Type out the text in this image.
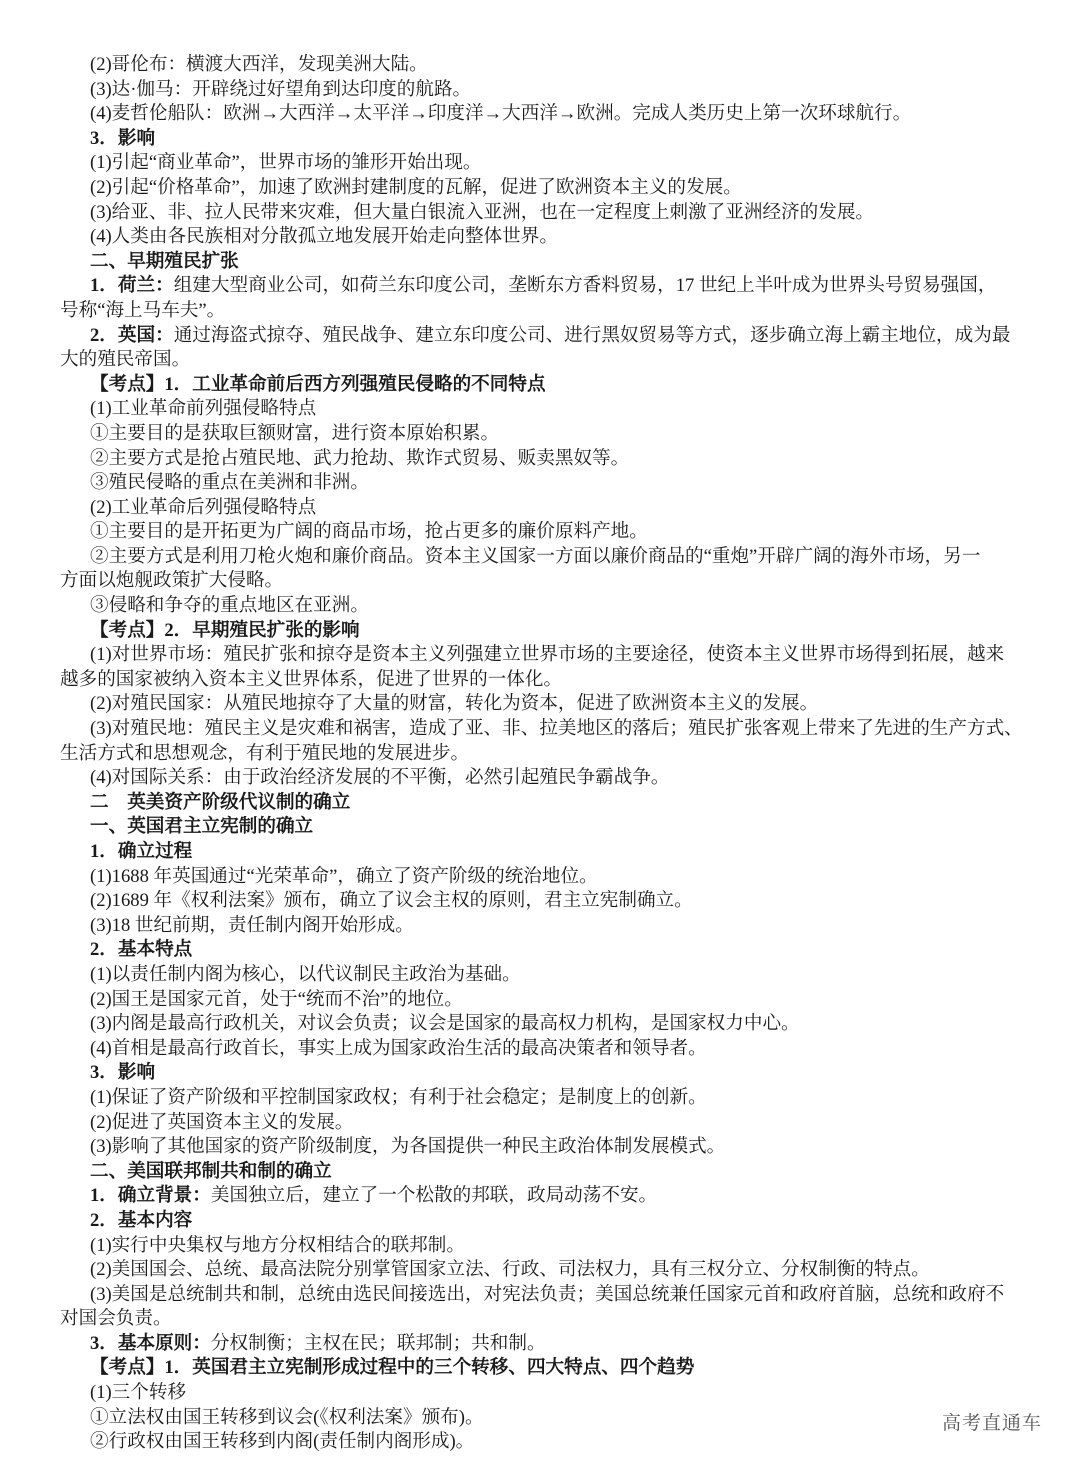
(2)哥伦布：横渡大西洋，发现美洲大陆。
(3)达·伽马：开辟绕过好望角到达印度的航路。
(4)麦哲伦船队：欧洲→大西洋→太平洋→印度洋→大西洋→欧洲。完成人类历史上第一次环球航行。
3．影响
(1)引起“商业革命”，世界市场的雏形开始出现。
(2)引起“价格革命”，加速了欧洲封建制度的瓦解，促进了欧洲资本主义的发展。
(3)给亚、非、拉人民带来灾难，但大量白银流入亚洲，也在一定程度上刺激了亚洲经济的发展。
(4)人类由各民族相对分散孤立地发展开始走向整体世界。
二、早期殖民扩张
1．荷兰：组建大型商业公司，如荷兰东印度公司，垄断东方香料贸易，17 世纪上半叶成为世界头号贸易强国，
号称“海上马车夫”。
2．英国：通过海盗式掠夺、殖民战争、建立东印度公司、进行黑奴贸易等方式，逐步确立海上霸主地位，成为最
大的殖民帝国。
【考点】1．工业革命前后西方列强殖民侵略的不同特点
(1)工业革命前列强侵略特点
①主要目的是获取巨额财富，进行资本原始积累。
②主要方式是抢占殖民地、武力抢劫、欺诈式贸易、贩卖黑奴等。
③殖民侵略的重点在美洲和非洲。
(2)工业革命后列强侵略特点
①主要目的是开拓更为广阔的商品市场，抢占更多的廉价原料产地。
②主要方式是利用刀枪火炮和廉价商品。资本主义国家一方面以廉价商品的“重炮”开辟广阔的海外市场，另一
方面以炮舰政策扩大侵略。
③侵略和争夺的重点地区在亚洲。
【考点】2．早期殖民扩张的影响
(1)对世界市场：殖民扩张和掠夺是资本主义列强建立世界市场的主要途径，使资本主义世界市场得到拓展，越来
越多的国家被纳入资本主义世界体系，促进了世界的一体化。
(2)对殖民国家：从殖民地掠夺了大量的财富，转化为资本，促进了欧洲资本主义的发展。
(3)对殖民地：殖民主义是灾难和祸害，造成了亚、非、拉美地区的落后；殖民扩张客观上带来了先进的生产方式、
生活方式和思想观念，有利于殖民地的发展进步。
(4)对国际关系：由于政治经济发展的不平衡，必然引起殖民争霸战争。
二　英美资产阶级代议制的确立
一、英国君主立宪制的确立
1．确立过程
(1)1688 年英国通过“光荣革命”，确立了资产阶级的统治地位。
(2)1689 年《权利法案》颁布，确立了议会主权的原则，君主立宪制确立。
(3)18 世纪前期，责任制内阁开始形成。
2．基本特点
(1)以责任制内阁为核心，以代议制民主政治为基础。
(2)国王是国家元首，处于“统而不治”的地位。
(3)内阁是最高行政机关，对议会负责；议会是国家的最高权力机构，是国家权力中心。
(4)首相是最高行政首长，事实上成为国家政治生活的最高决策者和领导者。
3．影响
(1)保证了资产阶级和平控制国家政权；有利于社会稳定；是制度上的创新。
(2)促进了英国资本主义的发展。
(3)影响了其他国家的资产阶级制度，为各国提供一种民主政治体制发展模式。
二、美国联邦制共和制的确立
1．确立背景：美国独立后，建立了一个松散的邦联，政局动荡不安。
2．基本内容
(1)实行中央集权与地方分权相结合的联邦制。
(2)美国国会、总统、最高法院分别掌管国家立法、行政、司法权力，具有三权分立、分权制衡的特点。
(3)美国是总统制共和制，总统由选民间接选出，对宪法负责；美国总统兼任国家元首和政府首脑，总统和政府不
对国会负责。
3．基本原则：分权制衡；主权在民；联邦制；共和制。
【考点】1．英国君主立宪制形成过程中的三个转移、四大特点、四个趋势
(1)三个转移
①立法权由国王转移到议会(《权利法案》颁布)。
②行政权由国王转移到内阁(责任制内阁形成)。
高考直通车
